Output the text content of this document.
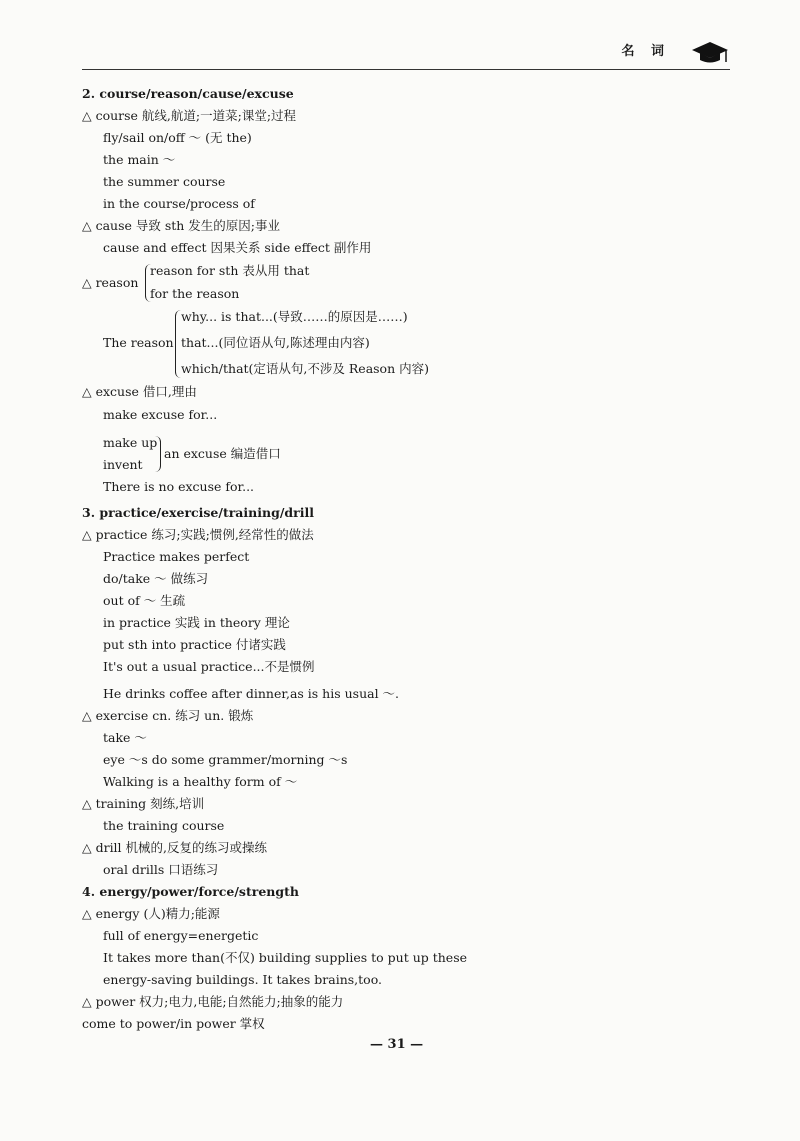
名 词
2. course/reason/cause/excuse
△ course 航线,航道;一道菜;课堂;过程
fly/sail on/off ～ (无 the)
the main ～
the summer course
in the course/process of
△ cause 导致 sth 发生的原因;事业
cause and effect 因果关系 side effect 副作用
reason for sth 表从用 that
△ reason
for the reason
why... is that...(导致……的原因是……)
The reason that...(同位语从句,陈述理由内容)
which/that(定语从句,不涉及 Reason 内容)
△ excuse 借口,理由
make excuse for...
make up
an excuse 编造借口
invent
There is no excuse for...
3. practice/exercise/training/drill
△ practice 练习;实践;惯例,经常性的做法
Practice makes perfect
do/take ～ 做练习
out of ～ 生疏
in practice 实践 in theory 理论
put sth into practice 付诸实践
It's out a usual practice...不是惯例
He drinks coffee after dinner,as is his usual ～.
△ exercise cn. 练习 un. 锻炼
take ～
eye ～s do some grammer/morning ～s
Walking is a healthy form of ～
△ training 刻练,培训
the training course
△ drill 机械的,反复的练习或操练
oral drills 口语练习
4. energy/power/force/strength
△ energy (人)精力;能源
full of energy=energetic
It takes more than(不仅) building supplies to put up these
energy-saving buildings. It takes brains,too.
△ power 权力;电力,电能;自然能力;抽象的能力
come to power/in power 掌权
— 31 —
